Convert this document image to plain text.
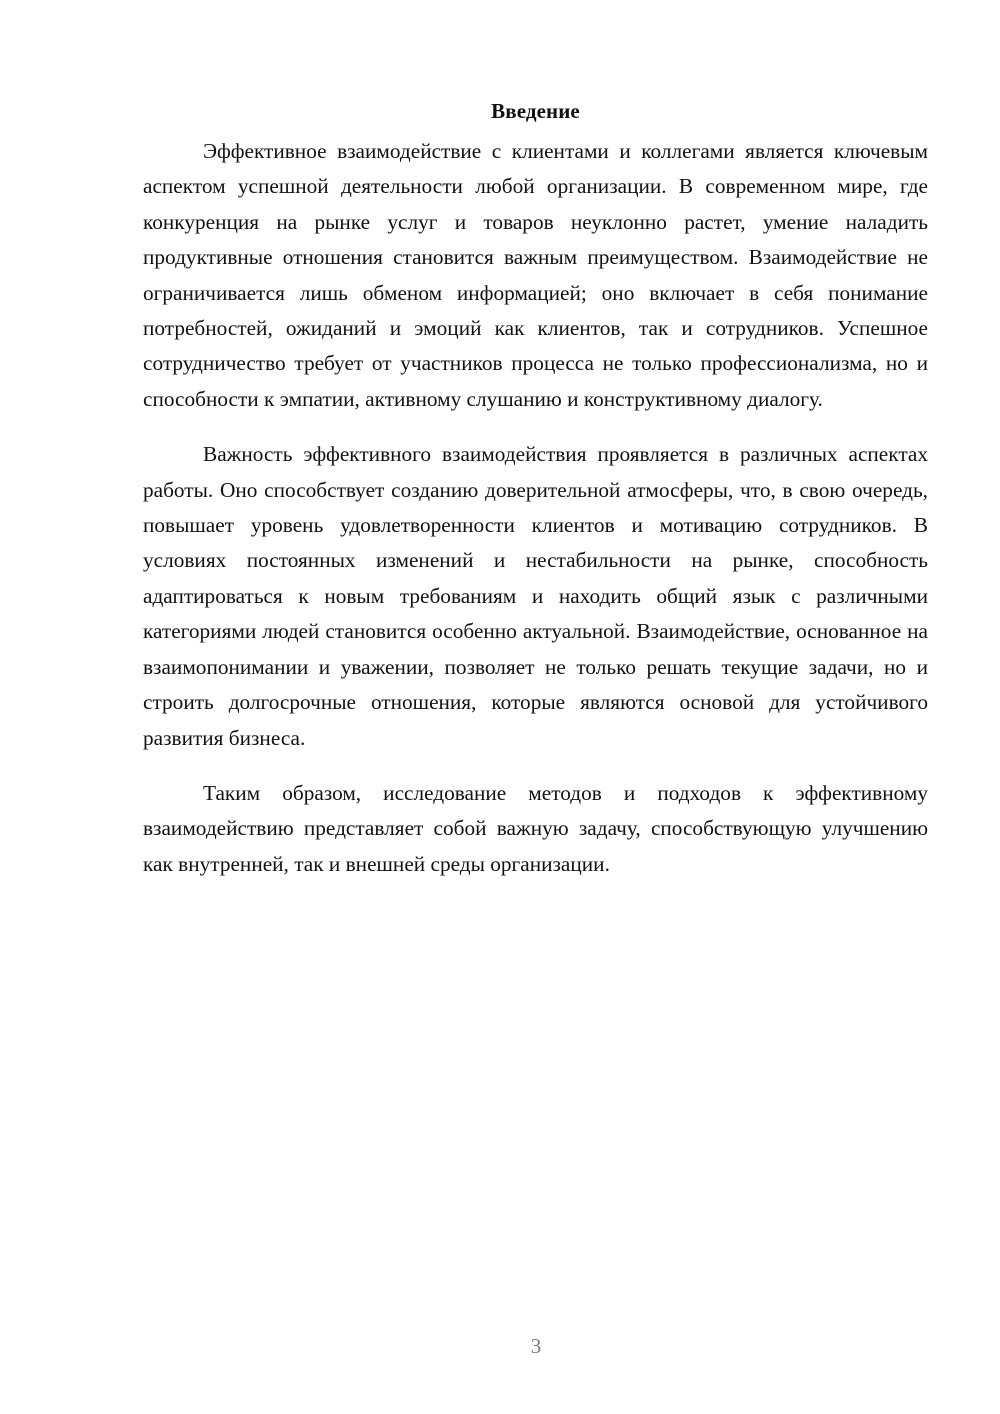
Введение

Эффективное взаимодействие с клиентами и коллегами является ключевым аспектом успешной деятельности любой организации. В современном мире, где конкуренция на рынке услуг и товаров неуклонно растет, умение наладить продуктивные отношения становится важным преимуществом. Взаимодействие не ограничивается лишь обменом информацией; оно включает в себя понимание потребностей, ожиданий и эмоций как клиентов, так и сотрудников. Успешное сотрудничество требует от участников процесса не только профессионализма, но и способности к эмпатии, активному слушанию и конструктивному диалогу.

Важность эффективного взаимодействия проявляется в различных аспектах работы. Оно способствует созданию доверительной атмосферы, что, в свою очередь, повышает уровень удовлетворенности клиентов и мотивацию сотрудников. В условиях постоянных изменений и нестабильности на рынке, способность адаптироваться к новым требованиям и находить общий язык с различными категориями людей становится особенно актуальной. Взаимодействие, основанное на взаимопонимании и уважении, позволяет не только решать текущие задачи, но и строить долгосрочные отношения, которые являются основой для устойчивого развития бизнеса.

Таким образом, исследование методов и подходов к эффективному взаимодействию представляет собой важную задачу, способствующую улучшению как внутренней, так и внешней среды организации.

3
